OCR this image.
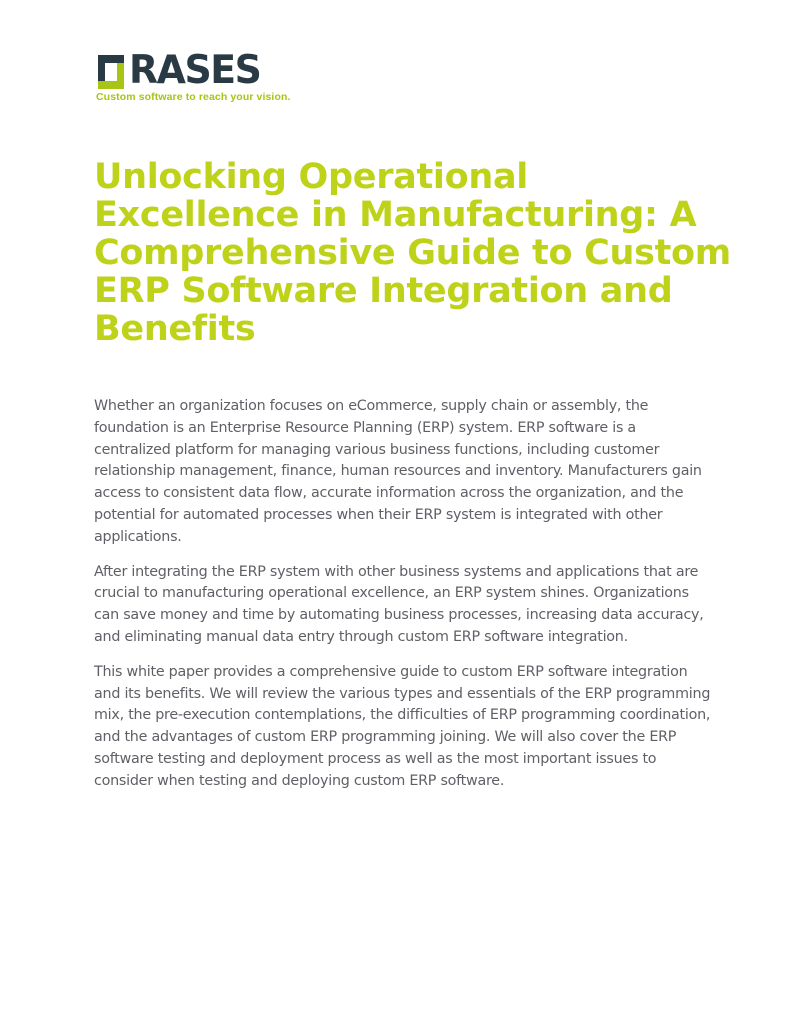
RASES
Custom software to reach your vision.
Unlocking Operational Excellence in Manufacturing: A Comprehensive Guide to Custom ERP Software Integration and Benefits

Whether an organization focuses on eCommerce, supply chain or assembly, the foundation is an Enterprise Resource Planning (ERP) system. ERP software is a centralized platform for managing various business functions, including customer relationship management, finance, human resources and inventory. Manufacturers gain access to consistent data flow, accurate information across the organization, and the potential for automated processes when their ERP system is integrated with other applications.

After integrating the ERP system with other business systems and applications that are crucial to manufacturing operational excellence, an ERP system shines. Organizations can save money and time by automating business processes, increasing data accuracy, and eliminating manual data entry through custom ERP software integration.

This white paper provides a comprehensive guide to custom ERP software integration and its benefits. We will review the various types and essentials of the ERP programming mix, the pre-execution contemplations, the difficulties of ERP programming coordination, and the advantages of custom ERP programming joining. We will also cover the ERP software testing and deployment process as well as the most important issues to consider when testing and deploying custom ERP software.
